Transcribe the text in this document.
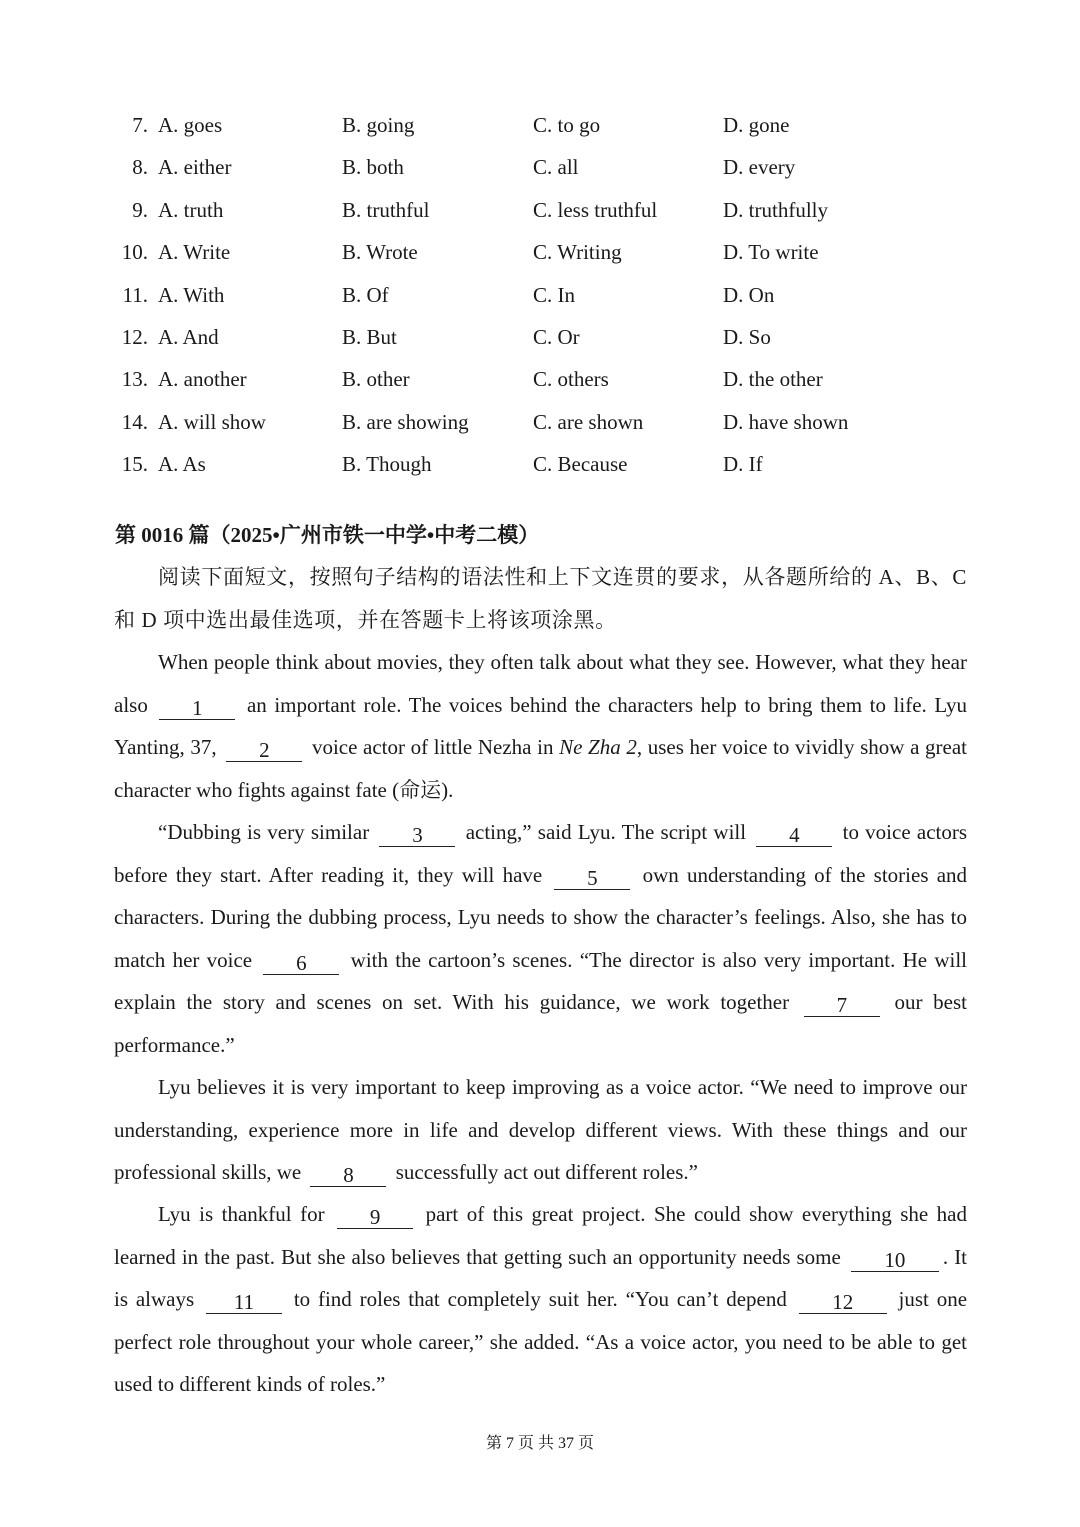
7. A. goes	B. going	C. to go	D. gone
8. A. either	B. both	C. all	D. every
9. A. truth	B. truthful	C. less truthful	D. truthfully
10. A. Write	B. Wrote	C. Writing	D. To write
11. A. With	B. Of	C. In	D. On
12. A. And	B. But	C. Or	D. So
13. A. another	B. other	C. others	D. the other
14. A. will show	B. are showing	C. are shown	D. have shown
15. A. As	B. Though	C. Because	D. If
第 0016 篇（2025•广州市铁一中学•中考二模）

阅读下面短文，按照句子结构的语法性和上下文连贯的要求，从各题所给的 A、B、C 和 D 项中选出最佳选项，并在答题卡上将该项涂黑。

When people think about movies, they often talk about what they see. However, what they hear also 1 an important role. The voices behind the characters help to bring them to life. Lyu Yanting, 37, 2 voice actor of little Nezha in Ne Zha 2, uses her voice to vividly show a great character who fights against fate (命运).

“Dubbing is very similar 3 acting,” said Lyu. The script will 4 to voice actors before they start. After reading it, they will have 5 own understanding of the stories and characters. During the dubbing process, Lyu needs to show the character’s feelings. Also, she has to match her voice 6 with the cartoon’s scenes. “The director is also very important. He will explain the story and scenes on set. With his guidance, we work together 7 our best performance.”

Lyu believes it is very important to keep improving as a voice actor. “We need to improve our understanding, experience more in life and develop different views. With these things and our professional skills, we 8 successfully act out different roles.”

Lyu is thankful for 9 part of this great project. She could show everything she had learned in the past. But she also believes that getting such an opportunity needs some 10 . It is always 11 to find roles that completely suit her. “You can’t depend 12 just one perfect role throughout your whole career,” she added. “As a voice actor, you need to be able to get used to different kinds of roles.”

第 7 页 共 37 页
